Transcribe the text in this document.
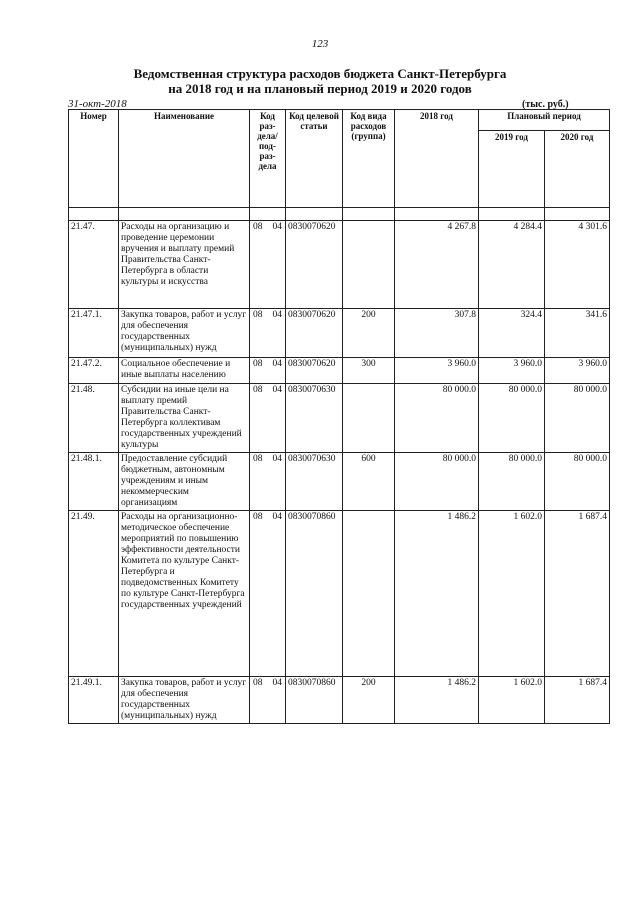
123
Ведомственная структура расходов бюджета Санкт-Петербурга
на 2018 год и на плановый период 2019 и 2020 годов
31-окт-2018	(тыс. руб.)
Номер	Наименование	Код раз-дела/ под-раз-дела	Код целевой статьи	Код вида расходов (группа)	2018 год	Плановый период	
						2019 год	2020 год

21.47.	Расходы на организацию и проведение церемонии вручения и выплату премий Правительства Санкт-Петербурга в области культуры и искусства	08 04	0830070620		4 267.8	4 284.4	4 301.6
21.47.1.	Закупка товаров, работ и услуг для обеспечения государственных (муниципальных) нужд	08 04	0830070620	200	307.8	324.4	341.6
21.47.2.	Социальное обеспечение и иные выплаты населению	08 04	0830070620	300	3 960.0	3 960.0	3 960.0
21.48.	Субсидии на иные цели на выплату премий Правительства Санкт-Петербурга коллективам государственных учреждений культуры	08 04	0830070630		80 000.0	80 000.0	80 000.0
21.48.1.	Предоставление субсидий бюджетным, автономным учреждениям и иным некоммерческим организациям	08 04	0830070630	600	80 000.0	80 000.0	80 000.0
21.49.	Расходы на организационно-методическое обеспечение мероприятий по повышению эффективности деятельности Комитета по культуре Санкт-Петербурга и подведомственных Комитету по культуре Санкт-Петербурга государственных учреждений	08 04	0830070860		1 486.2	1 602.0	1 687.4
21.49.1.	Закупка товаров, работ и услуг для обеспечения государственных (муниципальных) нужд	08 04	0830070860	200	1 486.2	1 602.0	1 687.4
